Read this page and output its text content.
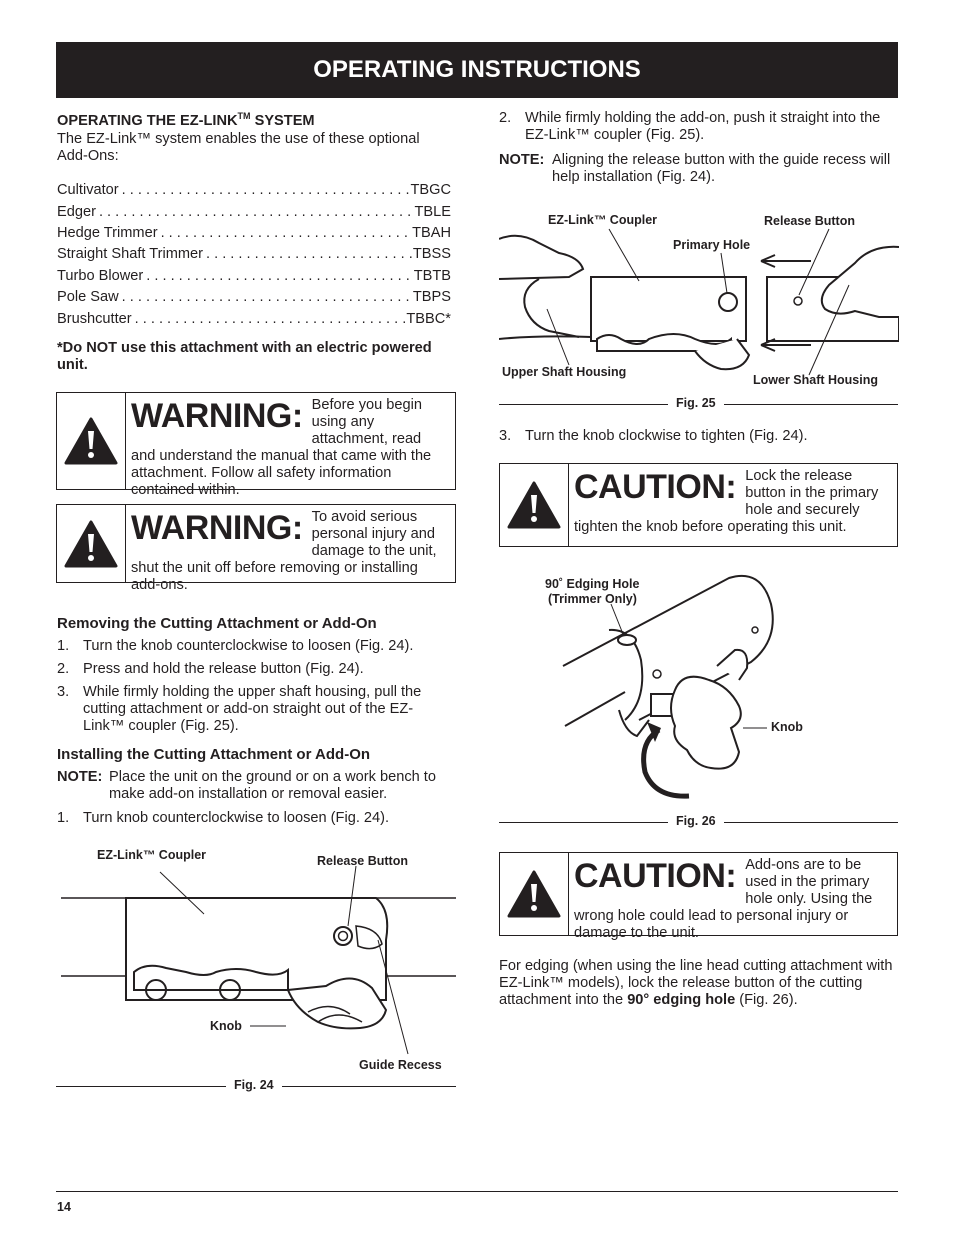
OPERATING INSTRUCTIONS
OPERATING THE EZ-LINK™ SYSTEM
The EZ-Link™ system enables the use of these optional Add-Ons:
Cultivator . . .	TBGC
Edger . . .	TBLE
Hedge Trimmer . . .	TBAH
Straight Shaft Trimmer . . .	TBSS
Turbo Blower . . .	TBTB
Pole Saw . . .	TBPS
Brushcutter . . .	TBBC*
*Do NOT use this attachment with an electric powered unit.
WARNING: Before you begin using any attachment, read and understand the manual that came with the attachment. Follow all safety information contained within.
WARNING: To avoid serious personal injury and damage to the unit, shut the unit off before removing or installing add-ons.
Removing the Cutting Attachment or Add-On
1. Turn the knob counterclockwise to loosen (Fig. 24).
2. Press and hold the release button (Fig. 24).
3. While firmly holding the upper shaft housing, pull the cutting attachment or add-on straight out of the EZ-Link™ coupler (Fig. 25).
Installing the Cutting Attachment or Add-On
NOTE: Place the unit on the ground or on a work bench to make add-on installation or removal easier.
1. Turn knob counterclockwise to loosen (Fig. 24).
EZ-Link™ Coupler	Release Button
Knob
Guide Recess
Fig. 24
2. While firmly holding the add-on, push it straight into the EZ-Link™ coupler (Fig. 25).
NOTE: Aligning the release button with the guide recess will help installation (Fig. 24).
EZ-Link™ Coupler	Release Button
Primary Hole
Upper Shaft Housing
Lower Shaft Housing
Fig. 25
3. Turn the knob clockwise to tighten (Fig. 24).
CAUTION: Lock the release button in the primary hole and securely tighten the knob before operating this unit.
90˚ Edging Hole
(Trimmer Only)
Knob
Fig. 26
CAUTION: Add-ons are to be used in the primary hole only. Using the wrong hole could lead to personal injury or damage to the unit.
For edging (when using the line head cutting attachment with EZ-Link™ models), lock the release button of the cutting attachment into the 90° edging hole (Fig. 26).
14
